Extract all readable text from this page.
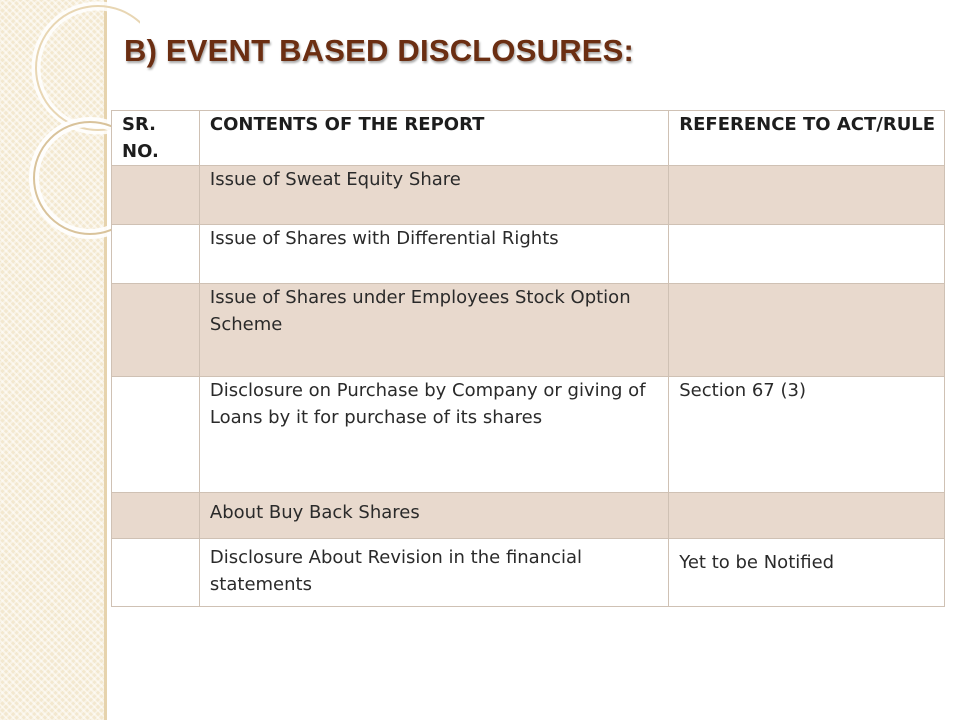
B) EVENT BASED DISCLOSURES:
SR. NO.	CONTENTS OF THE REPORT	REFERENCE TO ACT/RULE
	Issue of Sweat Equity Share	
	Issue of Shares with Differential Rights	
	Issue of Shares under Employees Stock Option Scheme	
	Disclosure on Purchase by Company or giving of Loans by it for purchase of its shares	Section 67 (3)
	About Buy Back Shares	
	Disclosure About Revision in the financial statements	Yet to be Notified
